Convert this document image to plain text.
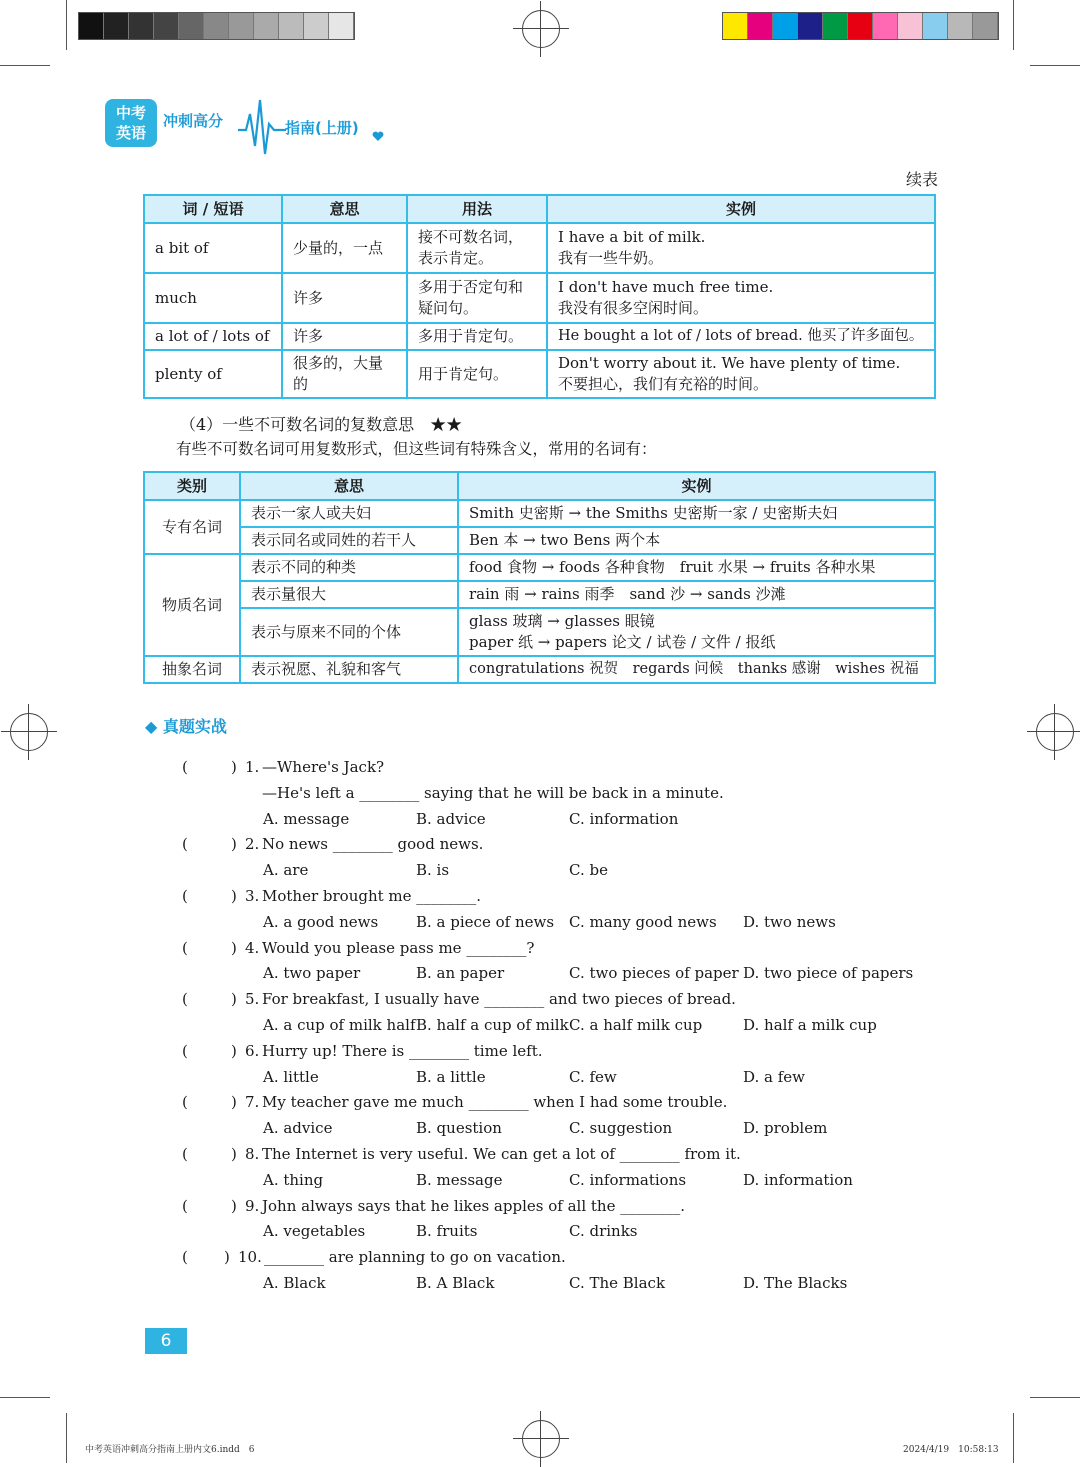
中考
英语
冲刺高分	指南(上册)
续表
词 / 短语	意思	用法	实例
a bit of	少量的，一点	接不可数名词，表示肯定。	I have a bit of milk.
我有一些牛奶。
much	许多	多用于否定句和疑问句。	I don't have much free time.
我没有很多空闲时间。
a lot of / lots of	许多	多用于肯定句。	He bought a lot of / lots of bread. 他买了许多面包。
plenty of	很多的，大量的	用于肯定句。	Don't worry about it. We have plenty of time.
不要担心，我们有充裕的时间。
（4）一些不可数名词的复数意思　★★
有些不可数名词可用复数形式，但这些词有特殊含义，常用的名词有：
类别	意思	实例
专有名词	表示一家人或夫妇	Smith 史密斯 → the Smiths 史密斯一家 / 史密斯夫妇
	表示同名或同姓的若干人	Ben 本 → two Bens 两个本
物质名词	表示不同的种类	food 食物 → foods 各种食物　fruit 水果 → fruits 各种水果
	表示量很大	rain 雨 → rains 雨季　sand 沙 → sands 沙滩
	表示与原来不同的个体	glass 玻璃 → glasses 眼镜
paper 纸 → papers 论文 / 试卷 / 文件 / 报纸
抽象名词	表示祝愿、礼貌和客气	congratulations 祝贺　regards 问候　thanks 感谢　wishes 祝福
◆ 真题实战
(	) 1. —Where's Jack?
—He's left a ________ saying that he will be back in a minute.
A. message	B. advice	C. information
(	) 2. No news ________ good news.
A. are	B. is	C. be
(	) 3. Mother brought me ________.
A. a good news	B. a piece of news C. many good news D. two news
(	) 4. Would you please pass me ________?
A. two paper	B. an paper	C. two pieces of paper D. two piece of papers
(	) 5. For breakfast, I usually have ________ and two pieces of bread.
A. a cup of milk half B. half a cup of milk C. a half milk cup	D. half a milk cup
(	) 6. Hurry up! There is ________ time left.
A. little	B. a little	C. few	D. a few
(	) 7. My teacher gave me much ________ when I had some trouble.
A. advice	B. question	C. suggestion	D. problem
(	) 8. The Internet is very useful. We can get a lot of ________ from it.
A. thing	B. message	C. informations	D. information
(	) 9. John always says that he likes apples of all the ________.
A. vegetables	B. fruits	C. drinks
( ) 10. ________ are planning to go on vacation.
A. Black	B. A Black	C. The Black	D. The Blacks
6
中考英语冲刺高分指南上册内文6.indd　6	2024/4/19　10:58:13
